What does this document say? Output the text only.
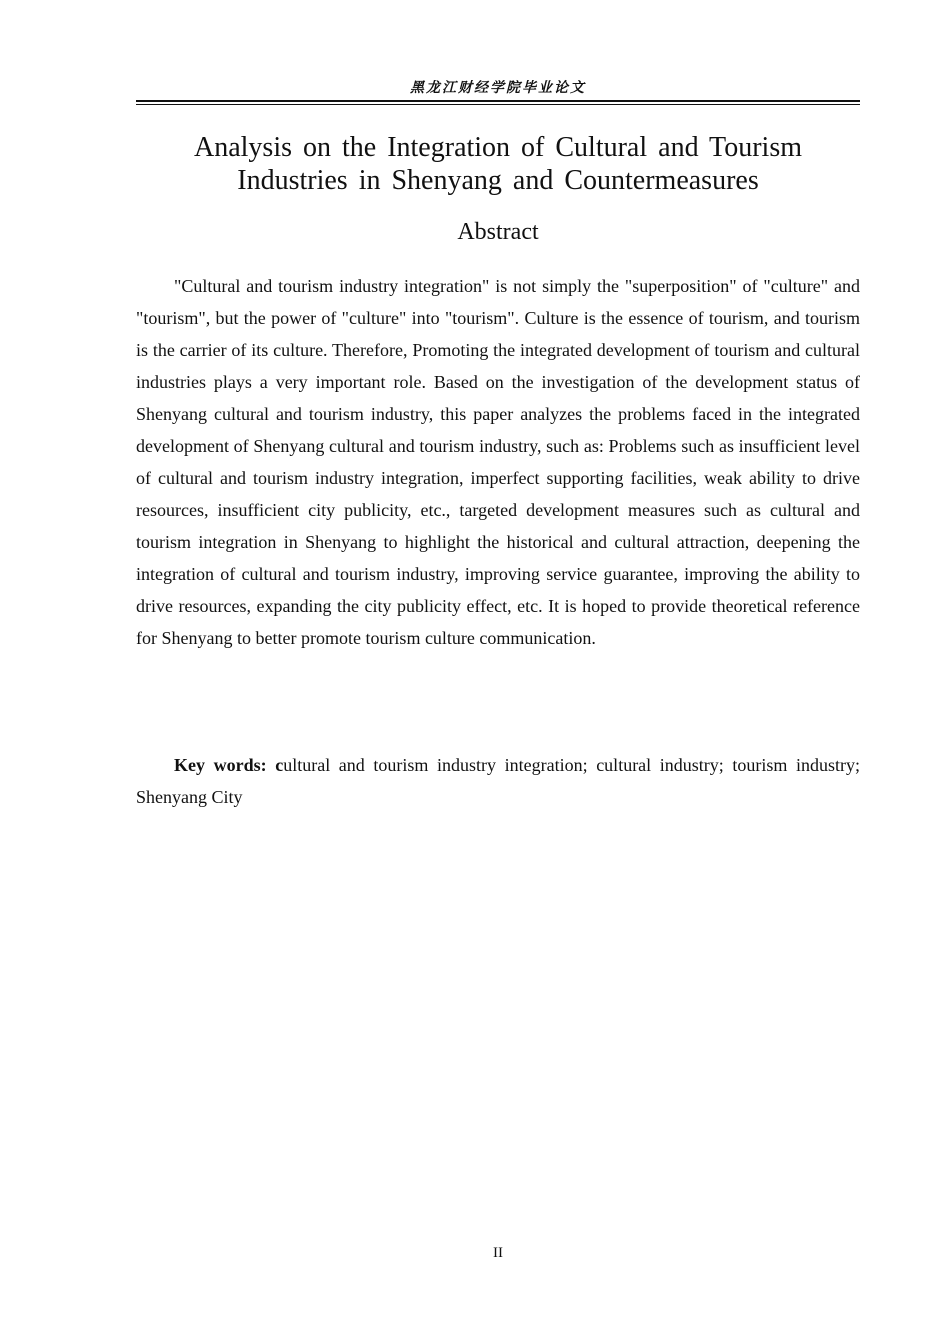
黑龙江财经学院毕业论文
Analysis on the Integration of Cultural and Tourism Industries in Shenyang and Countermeasures
Abstract

"Cultural and tourism industry integration" is not simply the "superposition" of "culture" and "tourism", but the power of "culture" into "tourism". Culture is the essence of tourism, and tourism is the carrier of its culture. Therefore, Promoting the integrated development of tourism and cultural industries plays a very important role. Based on the investigation of the development status of Shenyang cultural and tourism industry, this paper analyzes the problems faced in the integrated development of Shenyang cultural and tourism industry, such as: Problems such as insufficient level of cultural and tourism industry integration, imperfect supporting facilities, weak ability to drive resources, insufficient city publicity, etc., targeted development measures such as cultural and tourism integration in Shenyang to highlight the historical and cultural attraction, deepening the integration of cultural and tourism industry, improving service guarantee, improving the ability to drive resources, expanding the city publicity effect, etc. It is hoped to provide theoretical reference for Shenyang to better promote tourism culture communication.

Key words: cultural and tourism industry integration; cultural industry; tourism industry; Shenyang City

II
